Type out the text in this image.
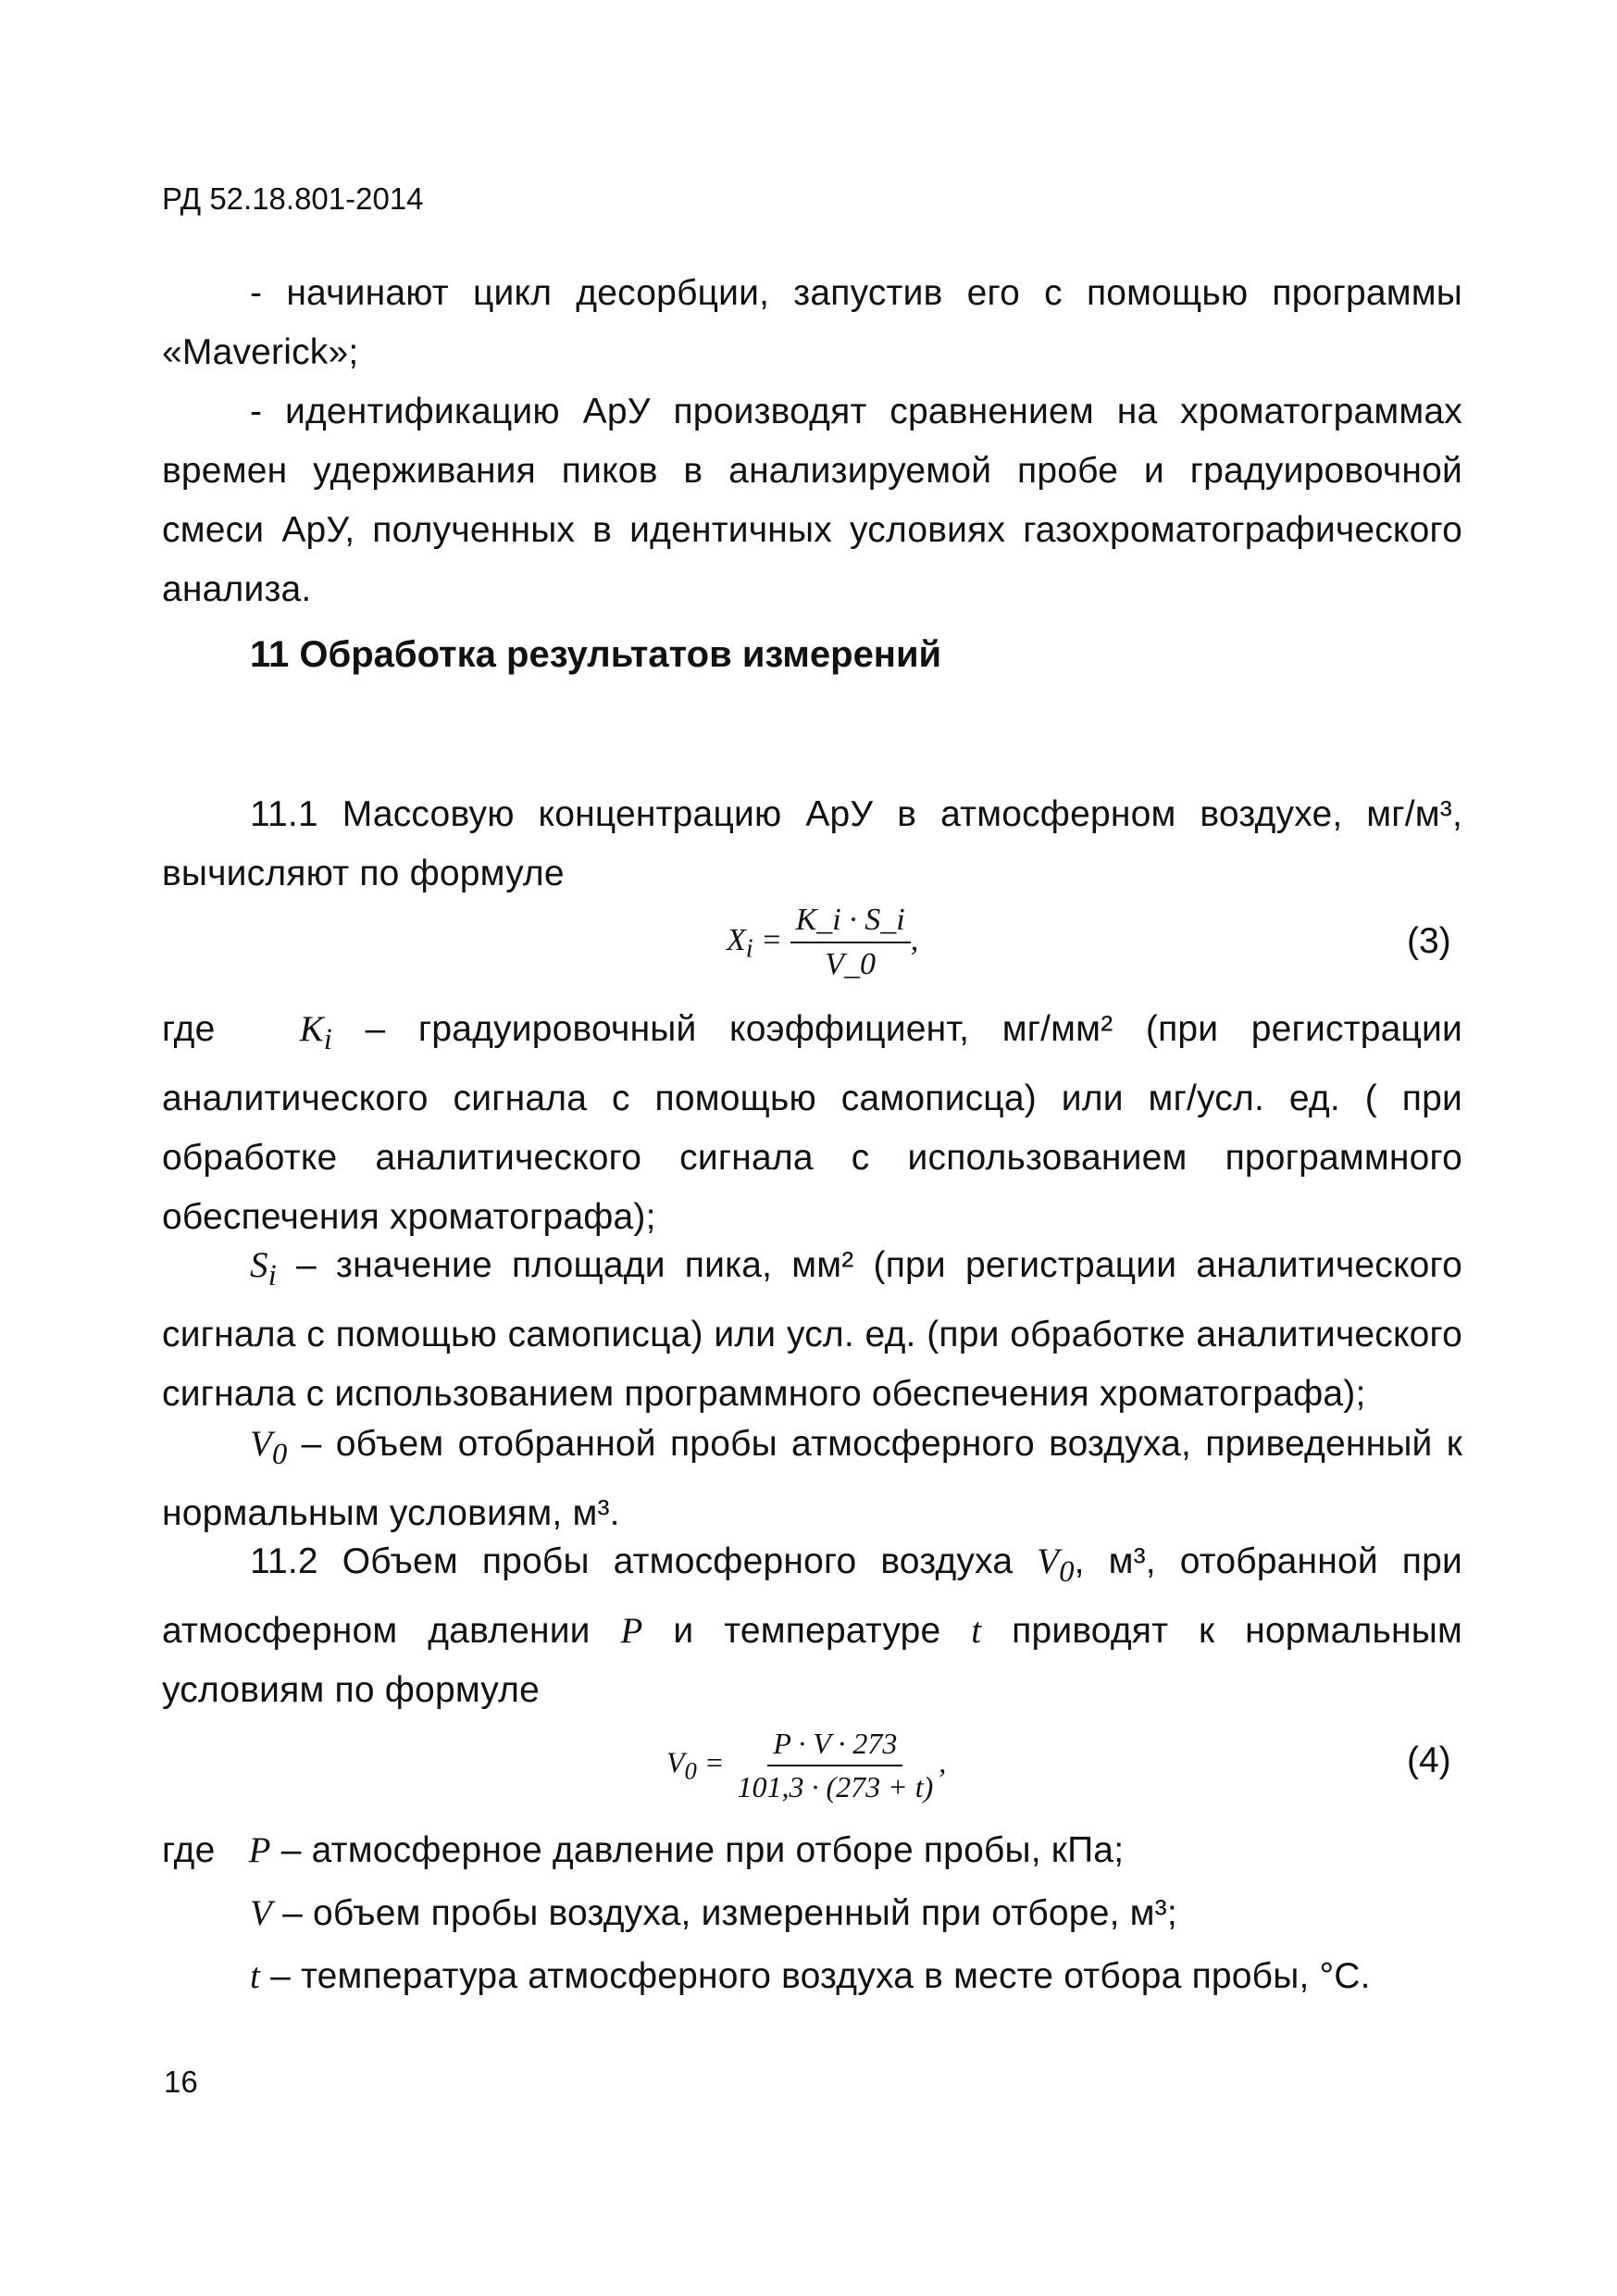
РД 52.18.801-2014
- начинают цикл десорбции, запустив его с помощью программы «Maverick»;
- идентификацию АрУ производят сравнением на хроматограммах времен удерживания пиков в анализируемой пробе и градуировочной смеси АрУ, полученных в идентичных условиях газохроматографического анализа.
11 Обработка результатов измерений
11.1 Массовую концентрацию АрУ в атмосферном воздухе, мг/м³, вычисляют по формуле
$X_i = \frac{K\_i \cdot S\_i}{V\_0}$ ,	(3)
где $K_i$ – градуировочный коэффициент, мг/мм² (при регистрации аналитического сигнала с помощью самописца) или мг/усл. ед. ( при обработке аналитического сигнала с использованием программного обеспечения хроматографа);
$S_i$ – значение площади пика, мм² (при регистрации аналитического сигнала с помощью самописца) или усл. ед. (при обработке аналитического сигнала с использованием программного обеспечения хроматографа);
$V_0$ – объем отобранной пробы атмосферного воздуха, приведенный к нормальным условиям, м³.
11.2 Объем пробы атмосферного воздуха $V_0$, м³, отобранной при атмосферном давлении P и температуре t приводят к нормальным условиям по формуле
$V_0 = \frac{P \cdot V \cdot 273}{101,3 \cdot (273 + t)}$ ,	(4)
где P – атмосферное давление при отборе пробы, кПа;
V – объем пробы воздуха, измеренный при отборе, м³;
t – температура атмосферного воздуха в месте отбора пробы, °С.
16
